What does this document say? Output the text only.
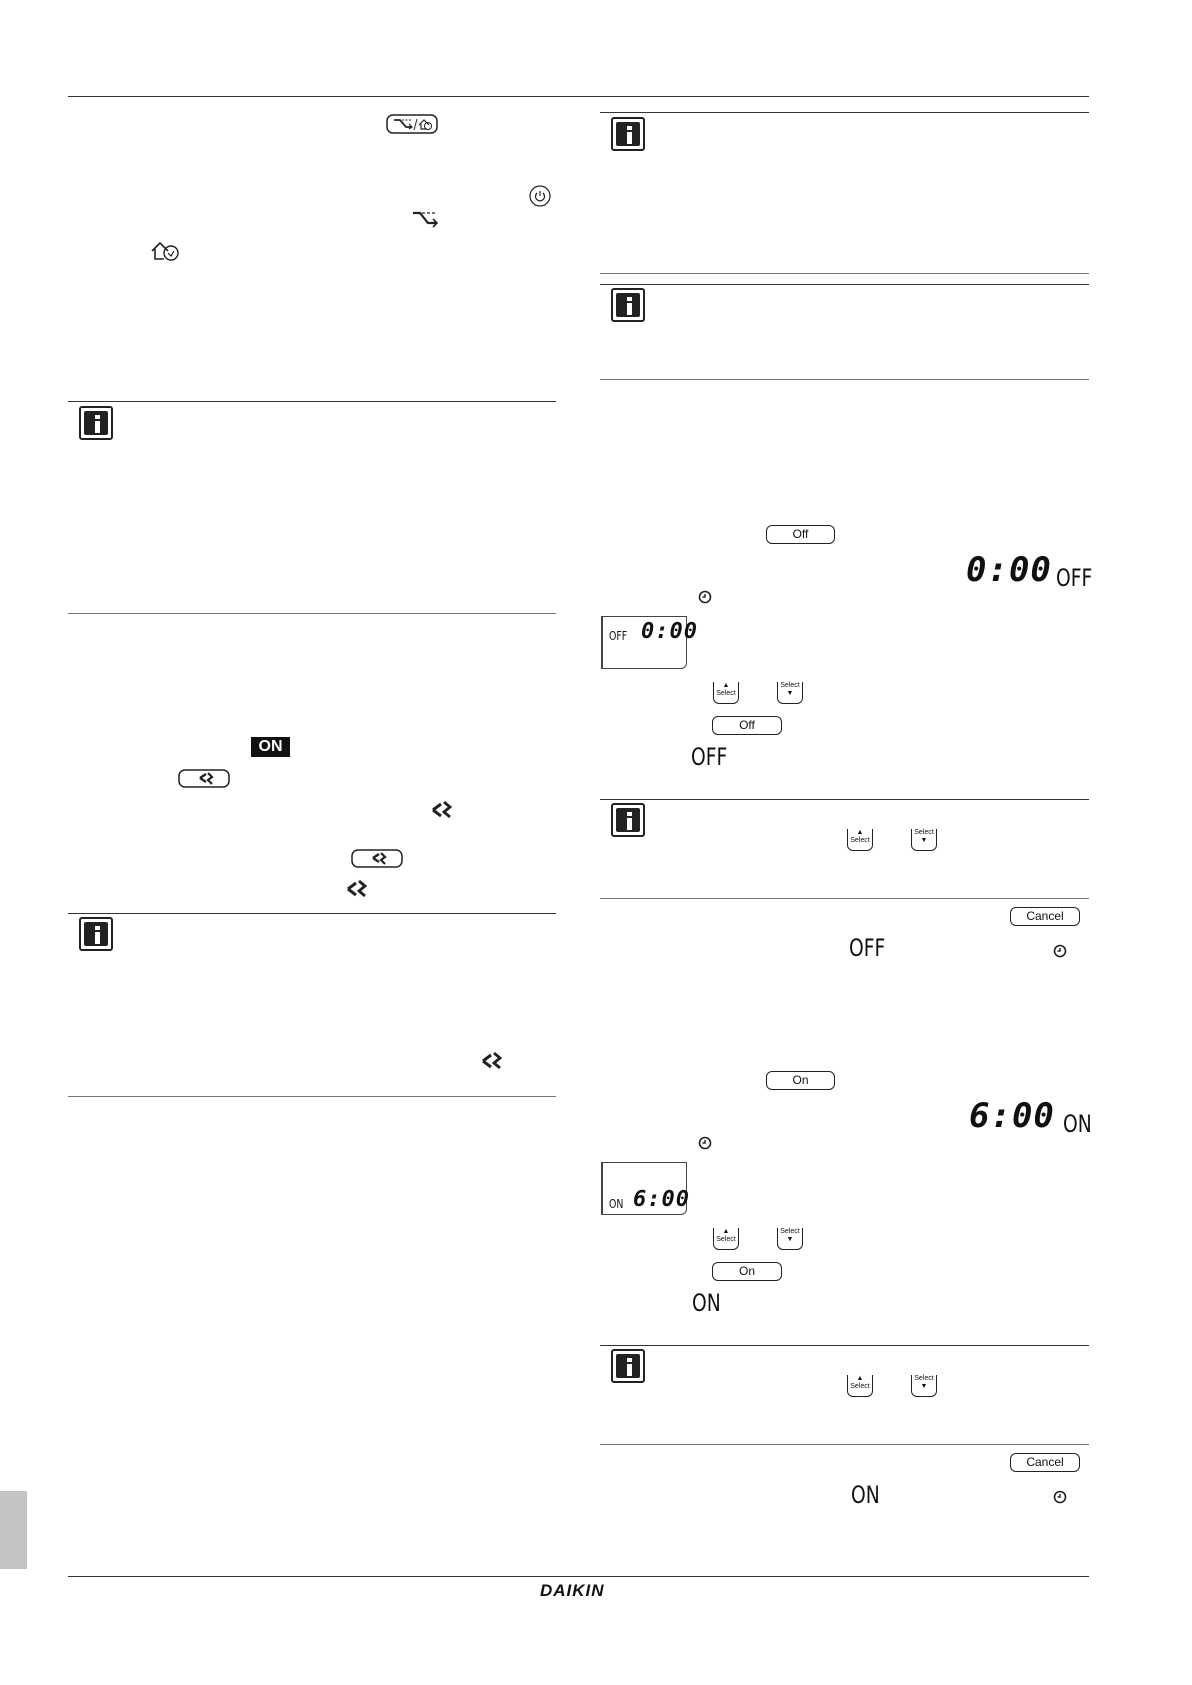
DAIKIN
ON
Off
0:00 OFF
OFF 0:00
▲
Select
Select
▼
Off
OFF
▲
Select
Select
▼
Cancel
OFF
On
6:00 ON
ON 6:00
▲
Select
Select
▼
On
ON
▲
Select
Select
▼
Cancel
ON
